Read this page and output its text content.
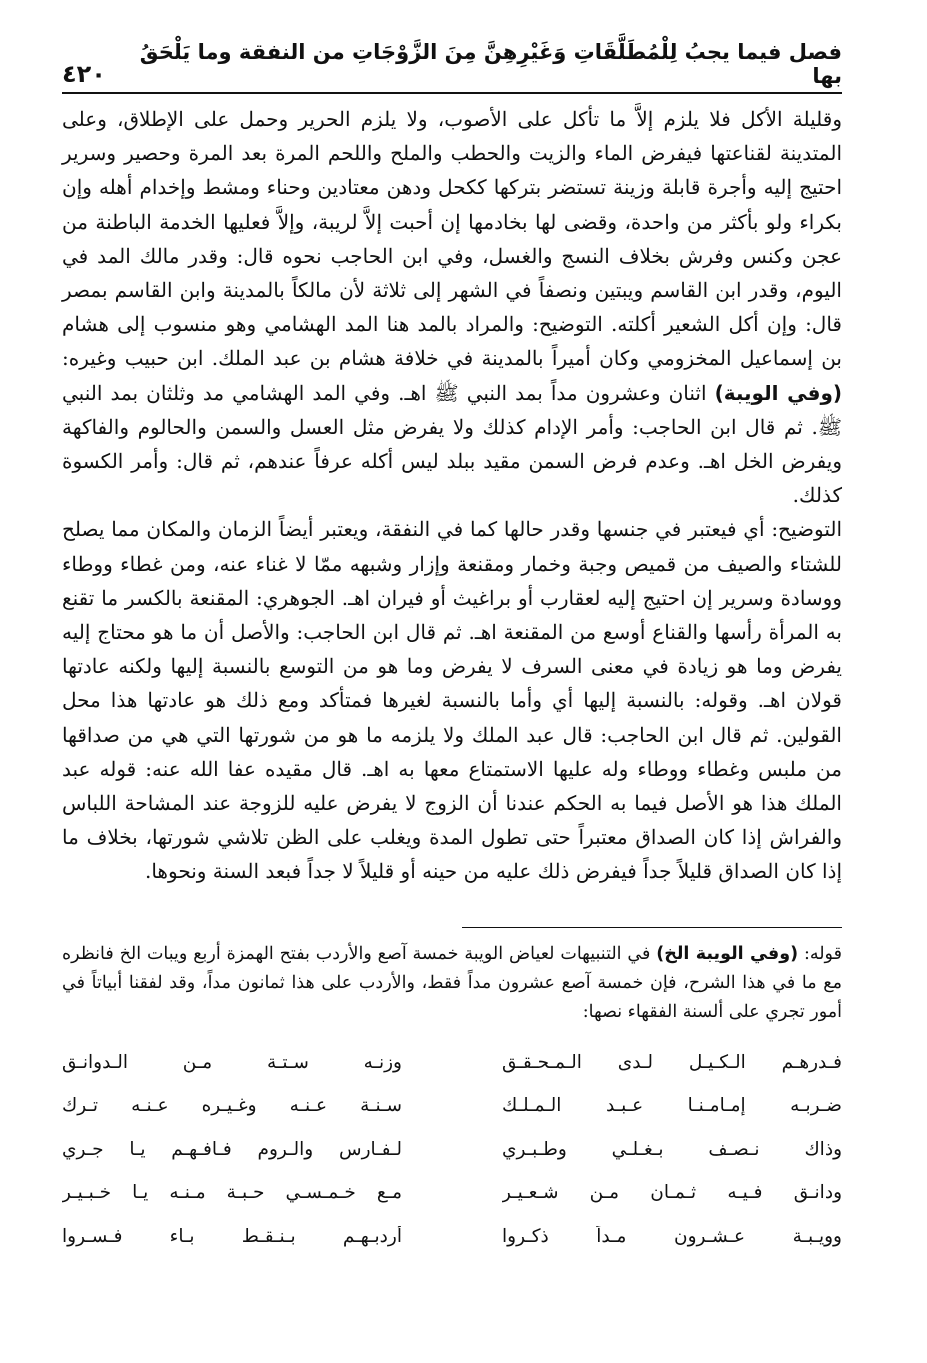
فصل فيما يجبُ لِلْمُطَلَّقَاتِ وَغَيْرِهِنَّ مِنَ الزَّوْجَاتِ من النفقة وما يَلْحَقُ بها
٤٢٠

وقليلة الأكل فلا يلزم إلاَّ ما تأكل على الأصوب، ولا يلزم الحرير وحمل على الإطلاق، وعلى المتدينة لقناعتها فيفرض الماء والزيت والحطب والملح واللحم المرة بعد المرة وحصير وسرير احتيج إليه وأجرة قابلة وزينة تستضر بتركها ككحل ودهن معتادين وحناء ومشط وإخدام أهله وإن بكراء ولو بأكثر من واحدة، وقضى لها بخادمها إن أحبت إلاَّ لريبة، وإلاَّ فعليها الخدمة الباطنة من عجن وكنس وفرش بخلاف النسج والغسل، وفي ابن الحاجب نحوه قال: وقدر مالك المد في اليوم، وقدر ابن القاسم ويبتين ونصفاً في الشهر إلى ثلاثة لأن مالكاً بالمدينة وابن القاسم بمصر قال: وإن أكل الشعير أكلته. التوضيح: والمراد بالمد هنا المد الهشامي وهو منسوب إلى هشام بن إسماعيل المخزومي وكان أميراً بالمدينة في خلافة هشام بن عبد الملك. ابن حبيب وغيره: (وفي الويبة) اثنان وعشرون مداً بمد النبي ﷺ اهـ. وفي المد الهشامي مد وثلثان بمد النبي ﷺ. ثم قال ابن الحاجب: وأمر الإدام كذلك ولا يفرض مثل العسل والسمن والحالوم والفاكهة ويفرض الخل اهـ. وعدم فرض السمن مقيد ببلد ليس أكله عرفاً عندهم، ثم قال: وأمر الكسوة كذلك.

التوضيح: أي فيعتبر في جنسها وقدر حالها كما في النفقة، ويعتبر أيضاً الزمان والمكان مما يصلح للشتاء والصيف من قميص وجبة وخمار ومقنعة وإزار وشبهه ممّا لا غناء عنه، ومن غطاء ووطاء ووسادة وسرير إن احتيج إليه لعقارب أو براغيث أو فيران اهـ. الجوهري: المقنعة بالكسر ما تقنع به المرأة رأسها والقناع أوسع من المقنعة اهـ. ثم قال ابن الحاجب: والأصل أن ما هو محتاج إليه يفرض وما هو زيادة في معنى السرف لا يفرض وما هو من التوسع بالنسبة إليها ولكنه عادتها قولان اهـ. وقوله: بالنسبة إليها أي وأما بالنسبة لغيرها فمتأكد ومع ذلك هو عادتها هذا محل القولين. ثم قال ابن الحاجب: قال عبد الملك ولا يلزمه ما هو من شورتها التي هي من صداقها من ملبس وغطاء ووطاء وله عليها الاستمتاع معها به اهـ. قال مقيده عفا الله عنه: قوله عبد الملك هذا هو الأصل فيما به الحكم عندنا أن الزوج لا يفرض عليه للزوجة عند المشاحة اللباس والفراش إذا كان الصداق معتبراً حتى تطول المدة ويغلب على الظن تلاشي شورتها، بخلاف ما إذا كان الصداق قليلاً جداً فيفرض ذلك عليه من حينه أو قليلاً لا جداً فبعد السنة ونحوها.

قوله: (وفي الويبة الخ) في التنبيهات لعياض الويبة خمسة آصع والأردب بفتح الهمزة أربع ويبات الخ فانظره مع ما في هذا الشرح، فإن خمسة آصع عشرون مداً فقط، والأردب على هذا ثمانون مداً، وقد لفقنا أبياتاً في أمور تجري على ألسنة الفقهاء نصها:
فـدرهـم الـكـيـل لـدى الـمـحـقـق
وزنـه سـتـة مـن الـدوانـق
ضـربـه إمـامـنـا عـبـد الـمـلـك
سـنـة عـنـه وغـيـره عـنـه تـرك
وذاك نـصـف بـغـلـي وطـبـري
لـفـارس والـروم فـافـهـم يـا جـري
ودانـق فـيـه ثـمـان مـن شـعـيـر
مـع خـمـسـي حـبـة مـنـه يـا خـبـيـر
وويـبـة عـشـرون مـداً ذكـروا
أردبـهـم بـنـقـط بـاء فـسـروا
